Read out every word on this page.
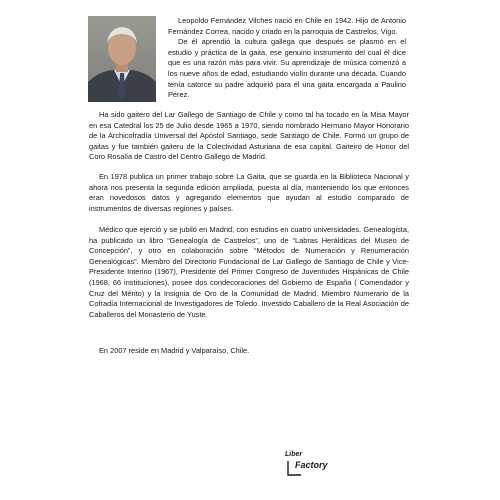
Leopoldo Fernández Vilches nació en Chile en 1942. Hijo de Antonio Fernández Correa, nacido y criado en la parroquia de Castrelos, Vigo.
De él aprendió la cultura gallega que después se plasmó en el estudio y práctica de la gaita, ese genuino instrumento del cual él dice que es una razón más para vivir. Su aprendizaje de música comenzó a los nueve años de edad, estudiando violín durante una década. Cuando tenía catorce su padre adquirió para él una gaita encargada a Paulino Pérez.

Ha sido gaitero del Lar Gallego de Santiago de Chile y como tal ha tocado en la Misa Mayor en esa Catedral los 25 de Julio desde 1965 a 1970, siendo nombrado Hermano Mayor Honorario de la Archicofradía Universal del Apóstol Santiago, sede Santiago de Chile. Formó un grupo de gaitas y fue también gaiteru de la Colectividad Asturiana de esa capital. Gaiteiro de Honor del Coro Rosalía de Castro del Centro Gallego de Madrid.

En 1978 publica un primer trabajo sobre La Gaita, que se guarda en la Biblioteca Nacional y ahora nos presenta la segunda edición ampliada, puesta al día, manteniendo los que entonces eran novedosos datos y agregando elementos que ayudan al estudio comparado de instrumentos de diversas regiones y países.

Médico que ejerció y se jubiló en Madrid, con estudios en cuatro universidades. Genealogista, ha publicado un libro “Genealogía de Castrelos”, uno de “Labras Heráldicas del Museo de Concepción”, y otro en colaboración sobre “Métodos de Numeración y Renumeración Genealógicas”. Miembro del Directorio Fundacional de Lar Gallego de Santiago de Chile y Vice-Presidente Interino (1967), Presidente del Primer Congreso de Juventudes Hispánicas de Chile (1968, 66 instituciones), posee dos condecoraciones del Gobierno de España ( Comendador y Cruz del Mérito) y la Insignia de Oro de la Comunidad de Madrid. Miembro Numerario de la Cofradía Internacional de Investigadores de Toledo. Investido Caballero de la Real Asociación de Caballeros del Monasterio de Yuste.

En 2007 reside en Madrid y Valparaíso, Chile.

Liber
Factory
